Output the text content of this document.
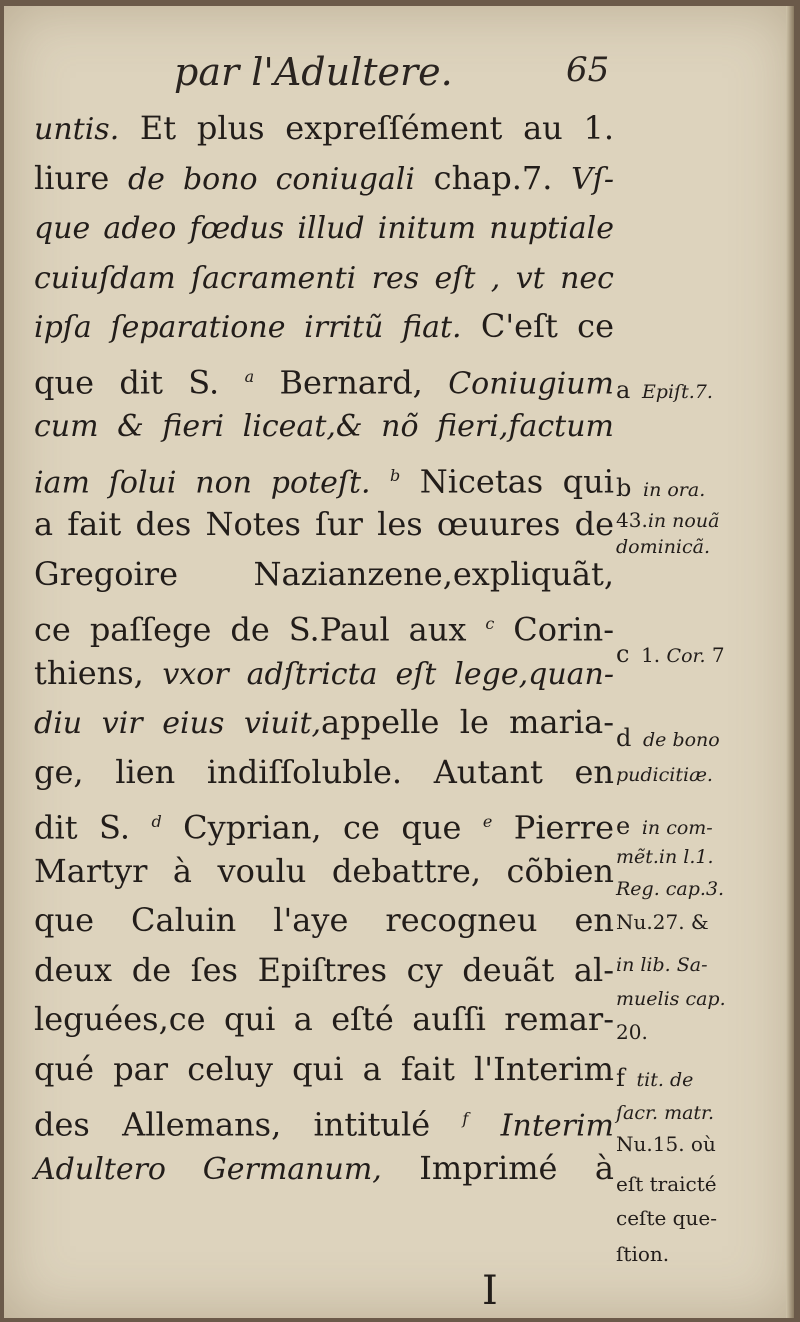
par l'Adultere.	65
untis. Et plus expreſſément au 1.
liure de bono coniugali chap.7. Vſ-
que adeo fœdus illud initum nuptiale
cuiuſdam ſacramenti res eſt , vt nec
ipſa ſeparatione irritũ fiat. C'eſt ce
que dit S. $^a$ Bernard, Coniugium
cum & fieri liceat,& nõ fieri,factum
iam ſolui non poteſt. $^b$ Nicetas qui
a fait des Notes ſur les œuures de
Gregoire Nazianzene,expliquãt,
ce paſſege de S.Paul aux $^c$ Corin-
thiens, vxor adſtricta eſt lege,quan-
diu vir eius viuit,appelle le maria-
ge, lien indiſſoluble. Autant en
dit S. $^d$ Cyprian, ce que $^e$ Pierre
Martyr à voulu debattre, cõbien
que Caluin l'aye recogneu en
deux de ſes Epiſtres cy deuãt al-
leguées,ce qui a eſté auſſi remar-
qué par celuy qui a fait l'Interim
des Allemans, intitulé $^f$ Interim
Adultero Germanum, Imprimé à
a Epiſt.7.
b in ora.
43.in nouã
dominicã.
c 1. Cor. 7
d de bono
pudicitiæ.
e in com-
mẽt.in l.1.
Reg. cap.3.
Nu.27. &
in lib. Sa-
muelis cap.
20.
f tit. de
ſacr. matr.
Nu.15. où
eſt traicté
ceſte que-
ſtion.
I
